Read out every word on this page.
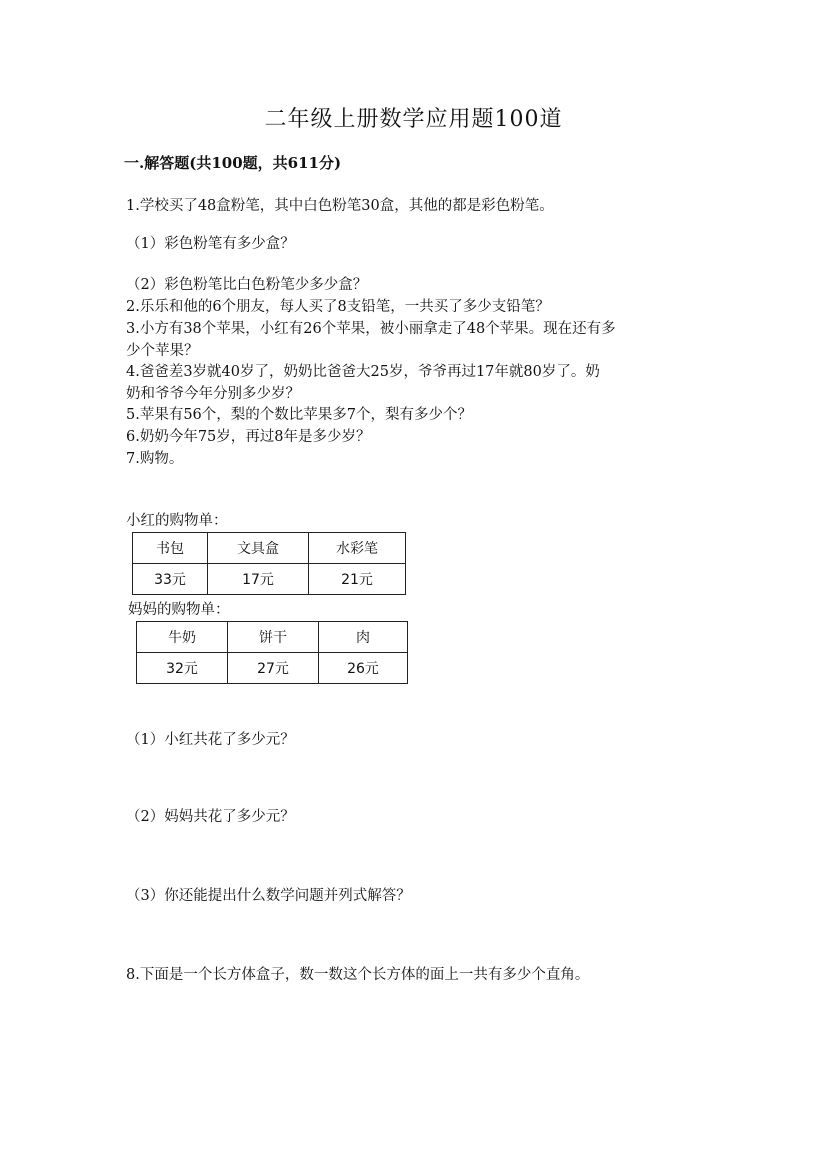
二年级上册数学应用题100道
一.解答题(共100题，共611分)
1.学校买了48盒粉笔，其中白色粉笔30盒，其他的都是彩色粉笔。
（1）彩色粉笔有多少盒？
（2）彩色粉笔比白色粉笔少多少盒？
2.乐乐和他的6个朋友，每人买了8支铅笔，一共买了多少支铅笔？
3.小方有38个苹果，小红有26个苹果，被小丽拿走了48个苹果。现在还有多
少个苹果？
4.爸爸差3岁就40岁了，奶奶比爸爸大25岁，爷爷再过17年就80岁了。奶
奶和爷爷今年分别多少岁？
5.苹果有56个，梨的个数比苹果多7个，梨有多少个？
6.奶奶今年75岁，再过8年是多少岁？
7.购物。
小红的购物单：
书包	文具盒	水彩笔
33元	17元	21元
妈妈的购物单：
牛奶	饼干	肉
32元	27元	26元
（1）小红共花了多少元？
（2）妈妈共花了多少元？
（3）你还能提出什么数学问题并列式解答？
8.下面是一个长方体盒子，数一数这个长方体的面上一共有多少个直角。
